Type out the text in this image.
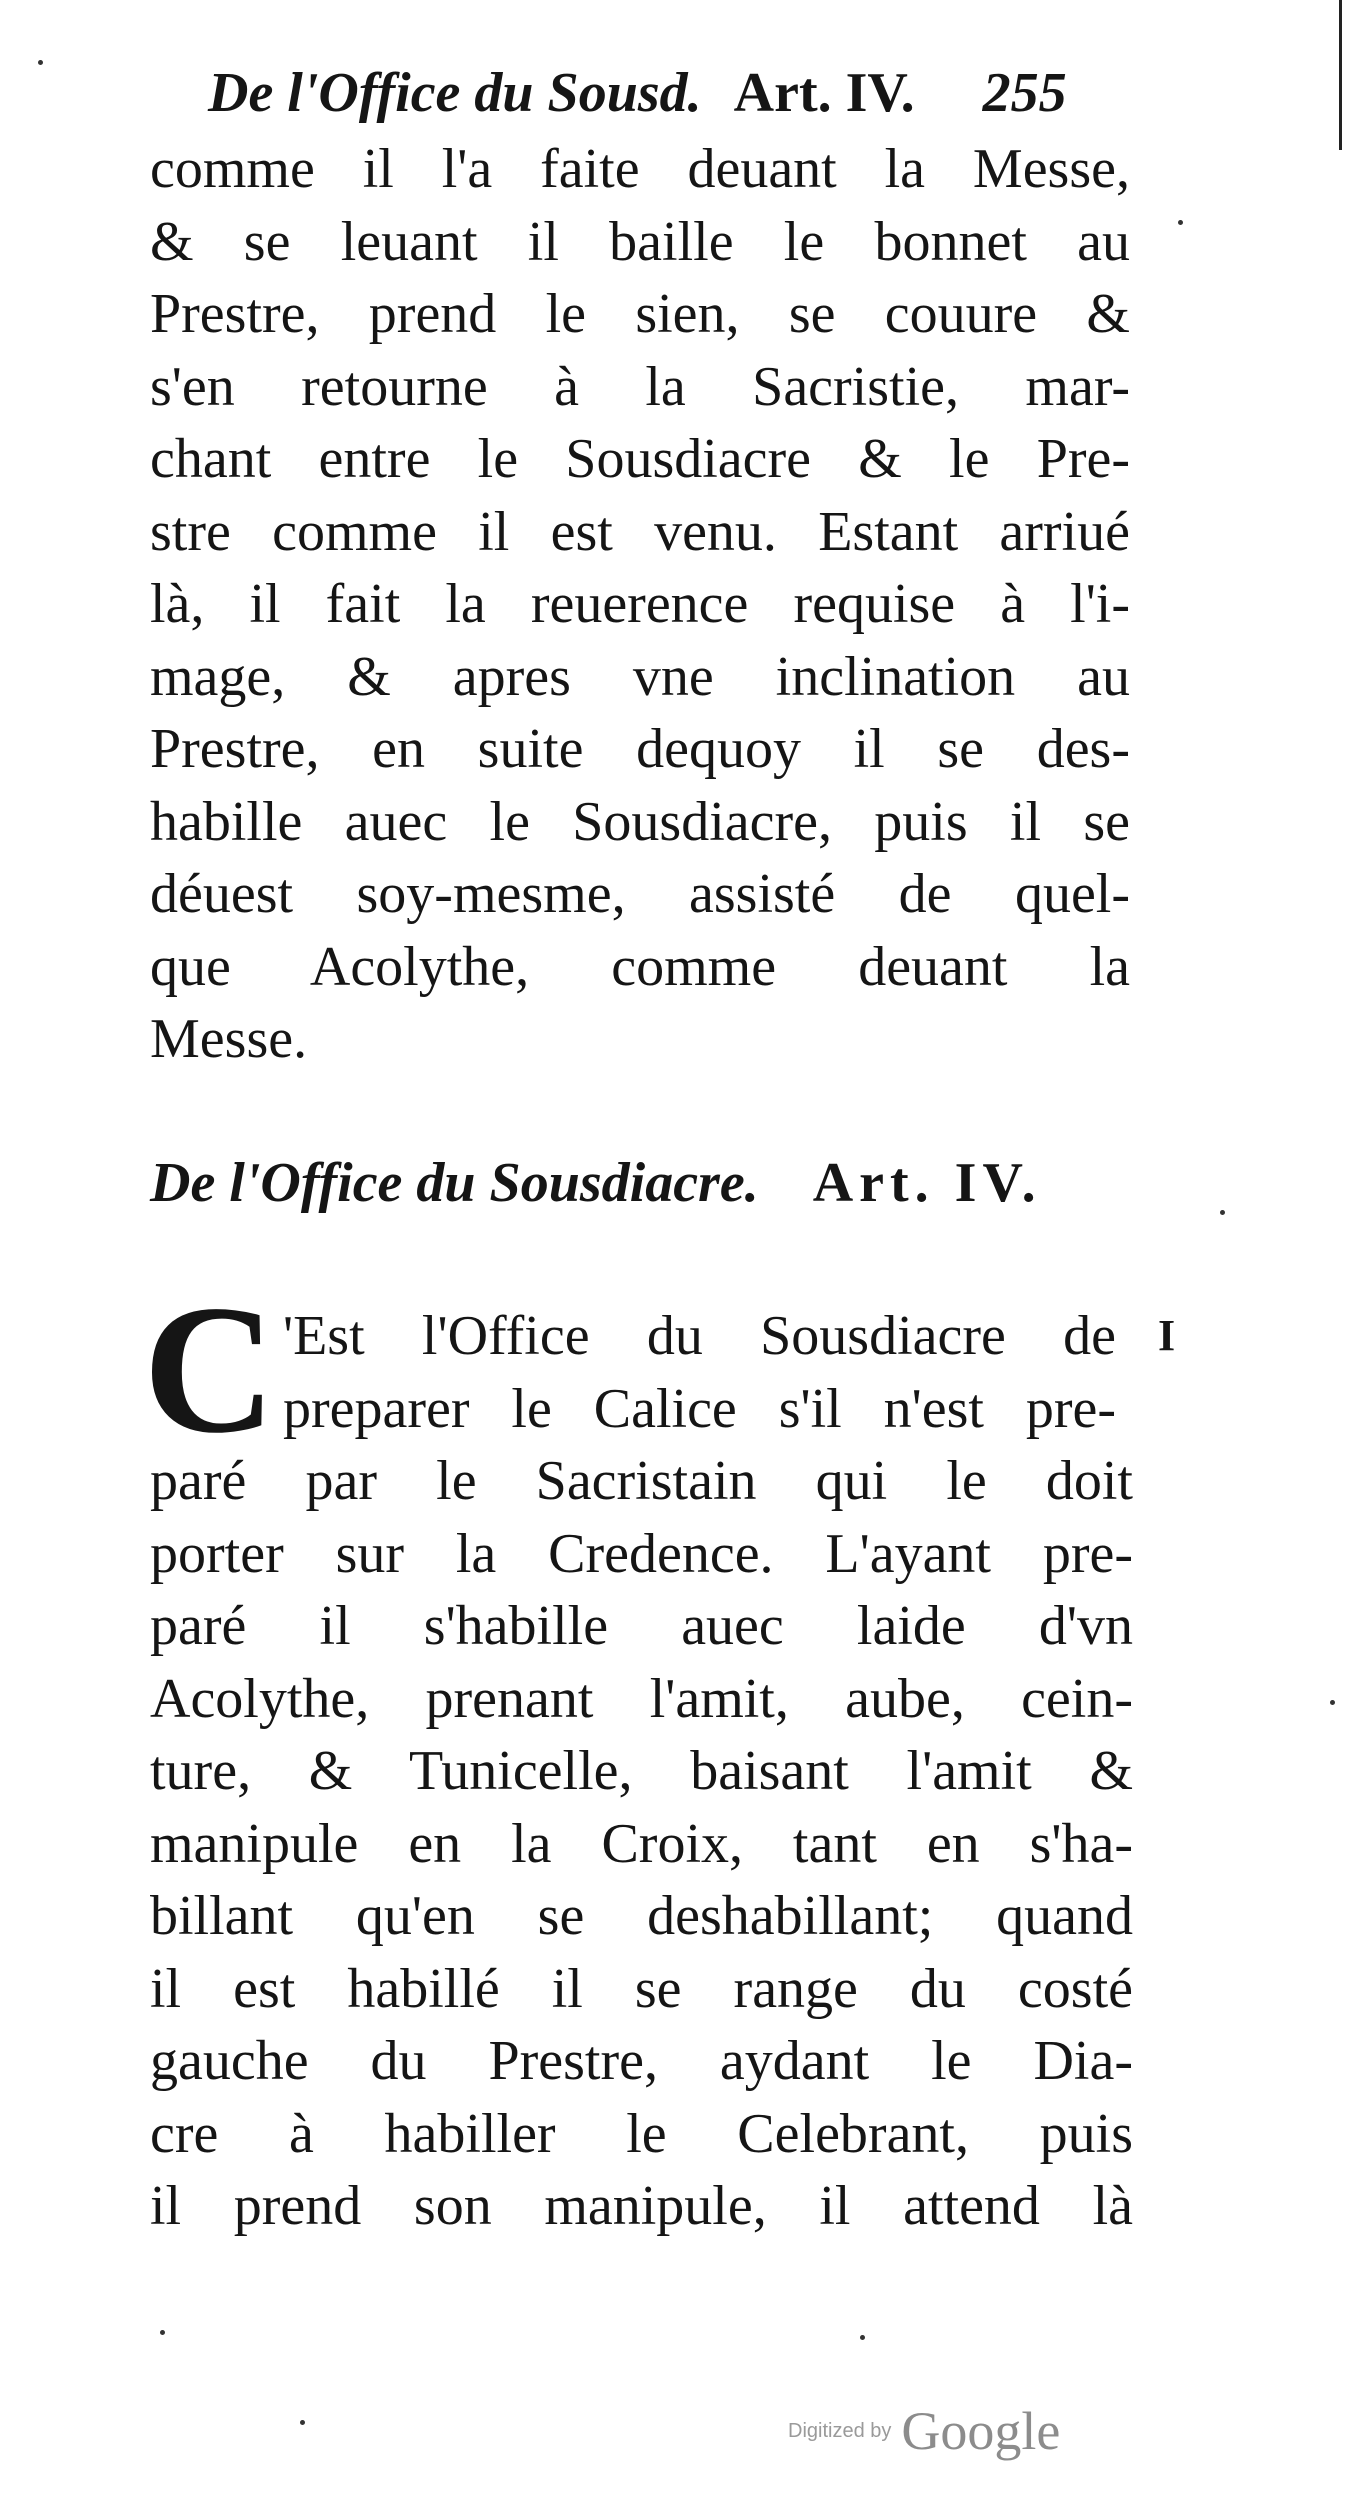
De l'Office du Sousd. Art. IV. 255
comme il l'a faite deuant la Messe,
& se leuant il baille le bonnet au
Prestre, prend le sien, se couure &
s'en retourne à la Sacristie, mar-
chant entre le Sousdiacre & le Pre-
stre comme il est venu. Estant arriué
là, il fait la reuerence requise à l'i-
mage, & apres vne inclination au
Prestre, en suite dequoy il se des-
habille auec le Sousdiacre, puis il se
déuest soy-mesme, assisté de quel-
que Acolythe, comme deuant la
Messe.
De l'Office du Sousdiacre. Art. IV.
C	I
'Est l'Office du Sousdiacre de
preparer le Calice s'il n'est pre-
paré par le Sacristain qui le doit
porter sur la Credence. L'ayant pre-
paré il s'habille auec laide d'vn
Acolythe, prenant l'amit, aube, cein-
ture, & Tunicelle, baisant l'amit &
manipule en la Croix, tant en s'ha-
billant qu'en se deshabillant; quand
il est habillé il se range du costé
gauche du Prestre, aydant le Dia-
cre à habiller le Celebrant, puis
il prend son manipule, il attend là
Digitized by Google
